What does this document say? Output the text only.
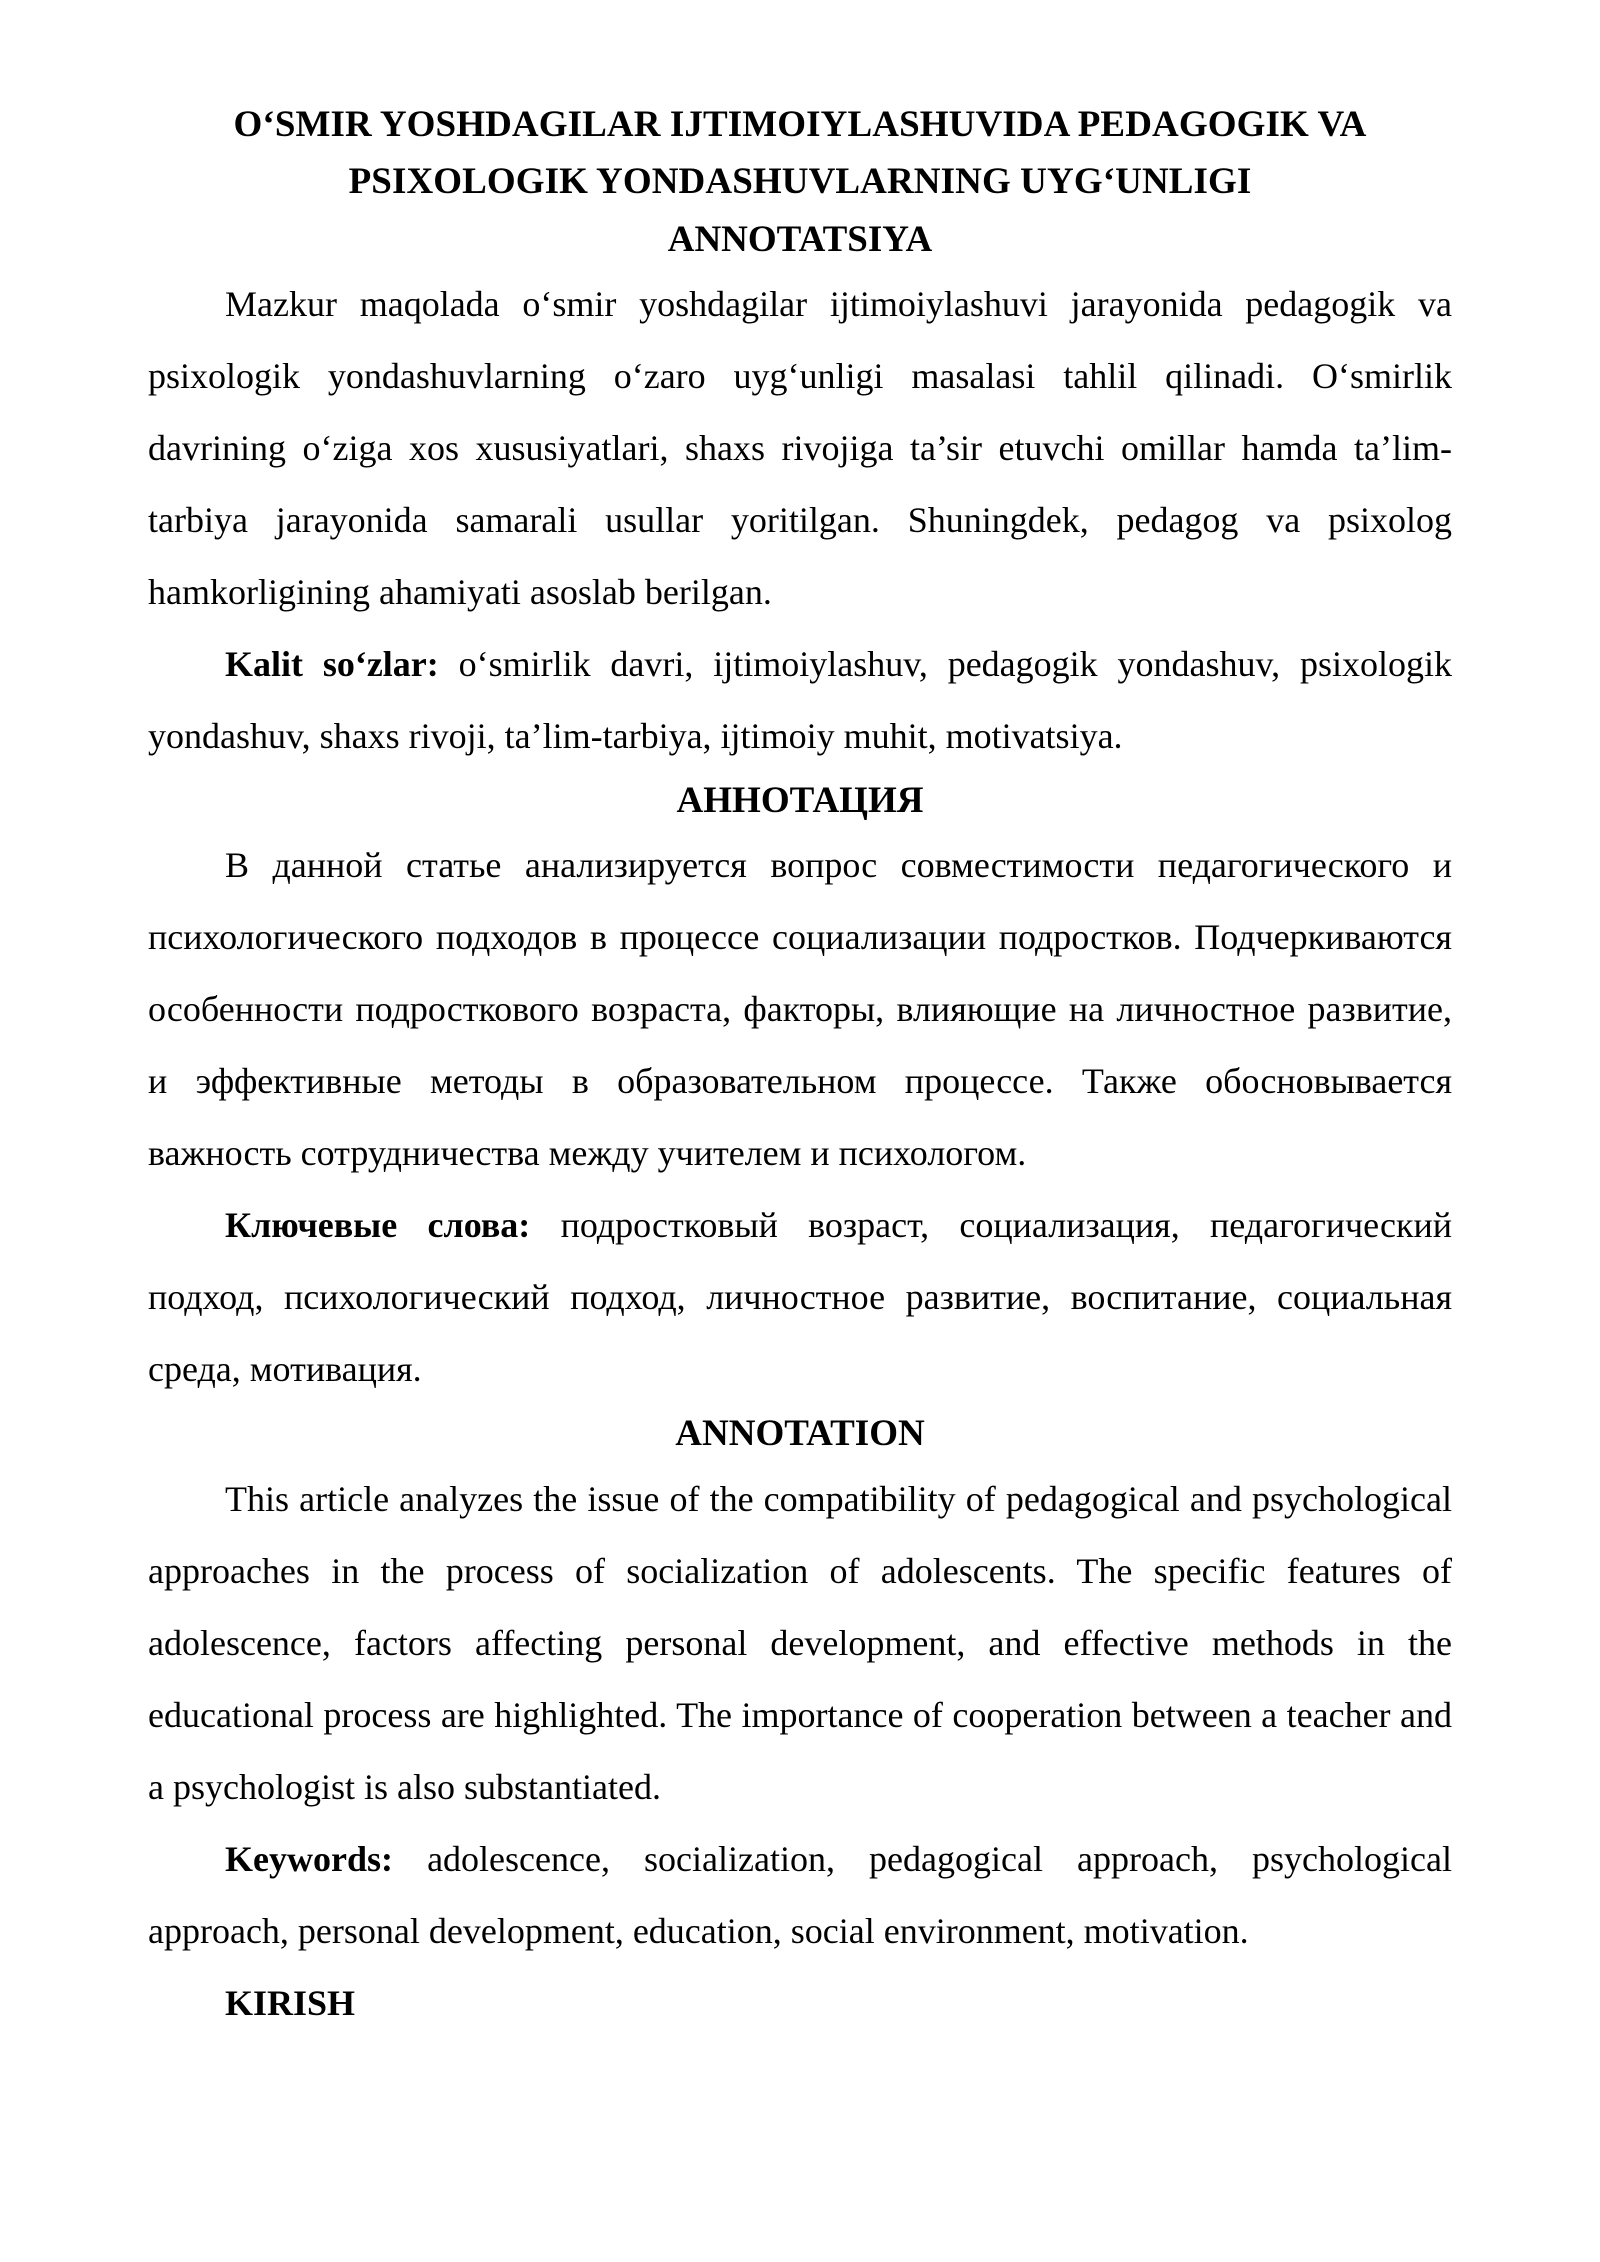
O‘SMIR YOSHDAGILAR IJTIMOIYLASHUVIDA PEDAGOGIK VA
PSIXOLOGIK YONDASHUVLARNING UYG‘UNLIGI
ANNOTATSIYA

Mazkur maqolada o‘smir yoshdagilar ijtimoiylashuvi jarayonida pedagogik va psixologik yondashuvlarning o‘zaro uyg‘unligi masalasi tahlil qilinadi. O‘smirlik davrining o‘ziga xos xususiyatlari, shaxs rivojiga ta’sir etuvchi omillar hamda ta’lim-tarbiya jarayonida samarali usullar yoritilgan. Shuningdek, pedagog va psixolog hamkorligining ahamiyati asoslab berilgan.

Kalit so‘zlar: o‘smirlik davri, ijtimoiylashuv, pedagogik yondashuv, psixologik yondashuv, shaxs rivoji, ta’lim-tarbiya, ijtimoiy muhit, motivatsiya.

АННОТАЦИЯ

В данной статье анализируется вопрос совместимости педагогического и психологического подходов в процессе социализации подростков. Подчеркиваются особенности подросткового возраста, факторы, влияющие на личностное развитие, и эффективные методы в образовательном процессе. Также обосновывается важность сотрудничества между учителем и психологом.

Ключевые слова: подростковый возраст, социализация, педагогический подход, психологический подход, личностное развитие, воспитание, социальная среда, мотивация.

ANNOTATION

This article analyzes the issue of the compatibility of pedagogical and psychological approaches in the process of socialization of adolescents. The specific features of adolescence, factors affecting personal development, and effective methods in the educational process are highlighted. The importance of cooperation between a teacher and a psychologist is also substantiated.

Keywords: adolescence, socialization, pedagogical approach, psychological approach, personal development, education, social environment, motivation.

KIRISH
